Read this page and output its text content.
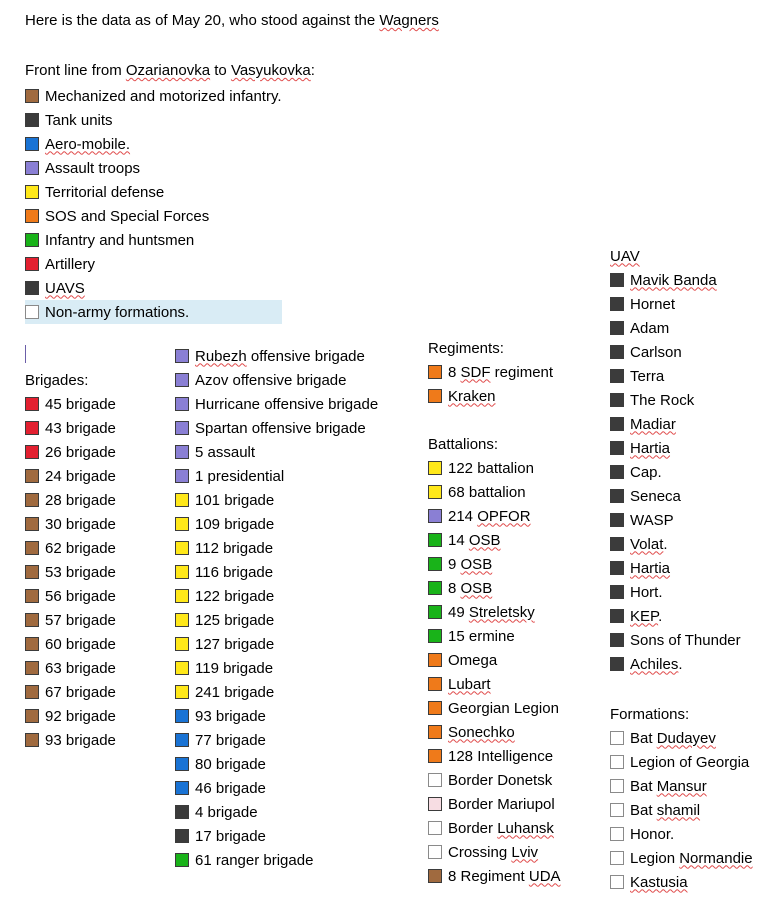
Here is the data as of May 20, who stood against the Wagners
Front line from Ozarianovka to Vasyukovka:
Mechanized and motorized infantry.
Tank units
Aero-mobile.
Assault troops
Territorial defense
SOS and Special Forces
Infantry and huntsmen
Artillery
UAVS
Non-army formations.
Brigades:
45 brigade
43 brigade
26 brigade
24 brigade
28 brigade
30 brigade
62 brigade
53 brigade
56 brigade
57 brigade
60 brigade
63 brigade
67 brigade
92 brigade
93 brigade
Rubezh offensive brigade
Azov offensive brigade
Hurricane offensive brigade
Spartan offensive brigade
5 assault
1 presidential
101 brigade
109 brigade
112 brigade
116 brigade
122 brigade
125 brigade
127 brigade
119 brigade
241 brigade
93 brigade
77 brigade
80 brigade
46 brigade
4 brigade
17 brigade
61 ranger brigade
Regiments:
8 SDF regiment
Kraken
Battalions:
122 battalion
68 battalion
214 OPFOR
14 OSB
9 OSB
8 OSB
49 Streletsky
15 ermine
Omega
Lubart
Georgian Legion
Sonechko
128 Intelligence
Border Donetsk
Border Mariupol
Border Luhansk
Crossing Lviv
8 Regiment UDA
UAV
Mavik Banda
Hornet
Adam
Carlson
Terra
The Rock
Madiar
Hartia
Cap.
Seneca
WASP
Volat.
Hartia
Hort.
KEP.
Sons of Thunder
Achiles.
Formations:
Bat Dudayev
Legion of Georgia
Bat Mansur
Bat shamil
Honor.
Legion Normandie
Kastusia
